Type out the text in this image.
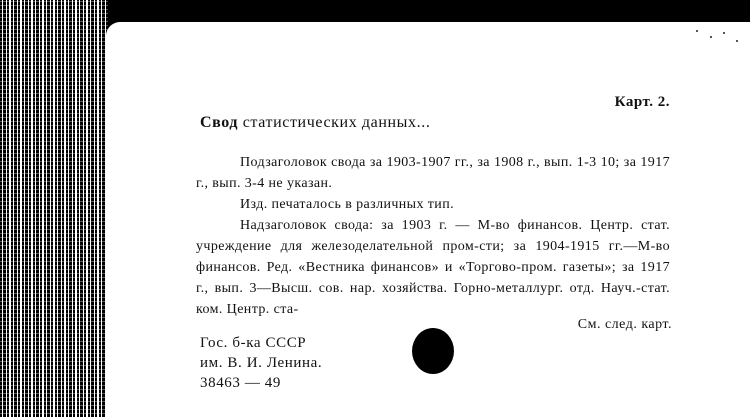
Карт. 2.
Свод статистических данных...

Подзаголовок свода за 1903-1907 гг., за 1908 г., вып. 1-3 10; за 1917 г., вып. 3-4 не указан.

Изд. печаталось в различных тип.

Надзаголовок свода: за 1903 г. — М-во финансов. Центр. стат. учреждение для железоделательной пром-сти; за 1904-1915 гг.—М-во финансов. Ред. «Вестника финансов» и «Торгово-пром. газеты»; за 1917 г., вып. 3—Высш. сов. нар. хозяйства. Горно-металлург. отд. Науч.-стат. ком. Центр. ста-

См. след. карт.
Гос. б-ка СССР
им. В. И. Ленина.
38463 — 49
